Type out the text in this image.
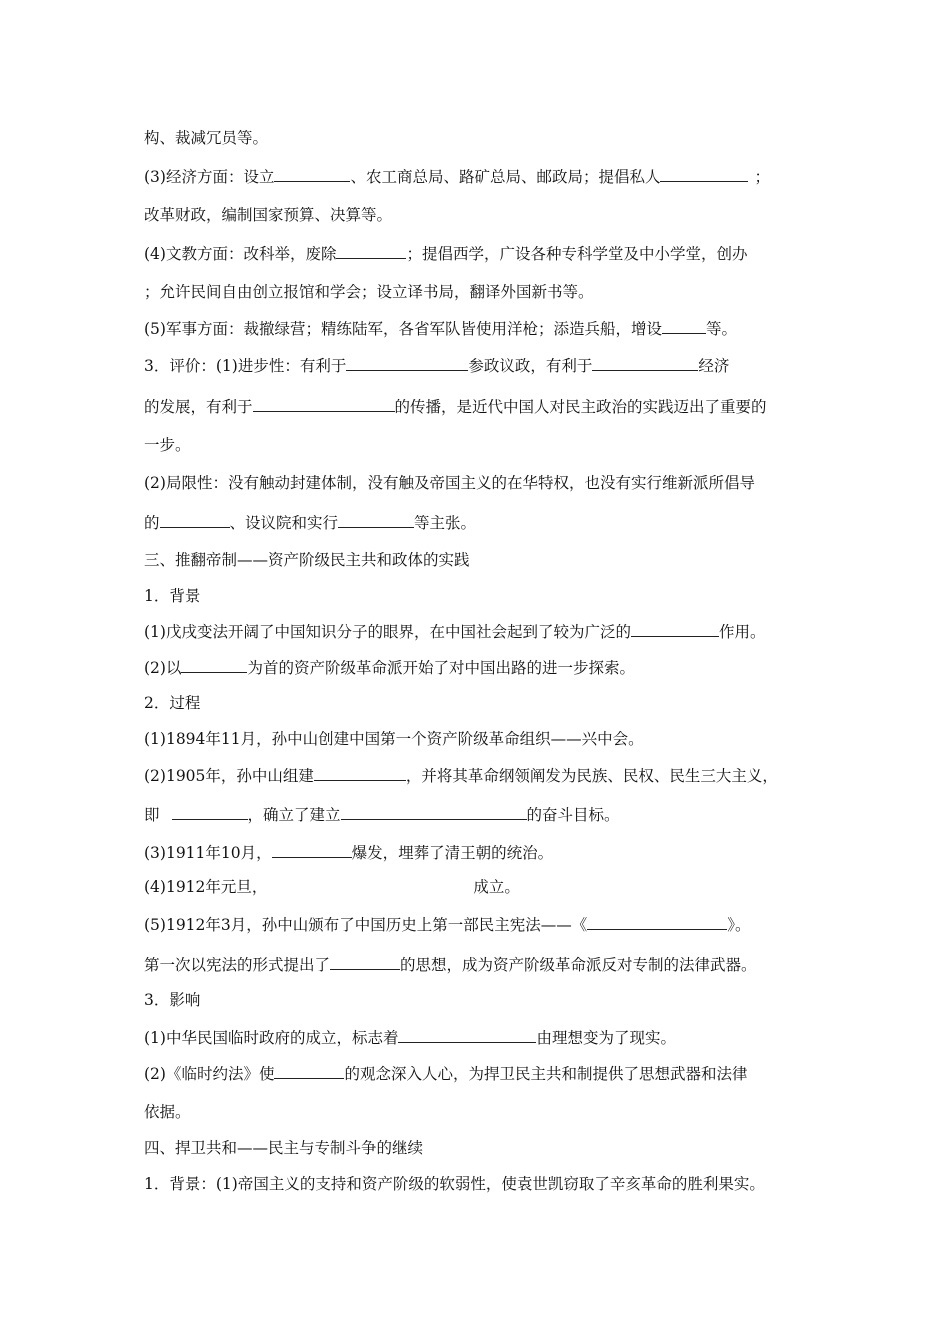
构、裁减冗员等。
(3)经济方面：设立	、农工商总局、路矿总局、邮政局；提倡私人	；
改革财政，编制国家预算、决算等。
(4)文教方面：改科举，废除	；提倡西学，广设各种专科学堂及中小学堂，创办
；允许民间自由创立报馆和学会；设立译书局，翻译外国新书等。
(5)军事方面：裁撤绿营；精练陆军，各省军队皆使用洋枪；添造兵船，增设	等。
3．评价：(1)进步性：有利于	参政议政，有利于	经济
的发展，有利于	的传播，是近代中国人对民主政治的实践迈出了重要的
一步。
(2)局限性：没有触动封建体制，没有触及帝国主义的在华特权，也没有实行维新派所倡导
的	、设议院和实行	等主张。
三、推翻帝制——资产阶级民主共和政体的实践
1．背景
(1)戊戌变法开阔了中国知识分子的眼界，在中国社会起到了较为广泛的	作用。
(2)以	为首的资产阶级革命派开始了对中国出路的进一步探索。
2．过程
(1)1894年11月，孙中山创建中国第一个资产阶级革命组织——兴中会。
(2)1905年，孙中山组建	，并将其革命纲领阐发为民族、民权、民生三大主义，
即	，确立了建立	的奋斗目标。
(3)1911年10月，	爆发，埋葬了清王朝的统治。
(4)1912年元旦，	成立。
(5)1912年3月，孙中山颁布了中国历史上第一部民主宪法——《	》。
第一次以宪法的形式提出了	的思想，成为资产阶级革命派反对专制的法律武器。
3．影响
(1)中华民国临时政府的成立，标志着	由理想变为了现实。
(2)《临时约法》使	的观念深入人心，为捍卫民主共和制提供了思想武器和法律
依据。
四、捍卫共和——民主与专制斗争的继续
1．背景：(1)帝国主义的支持和资产阶级的软弱性，使袁世凯窃取了辛亥革命的胜利果实。
